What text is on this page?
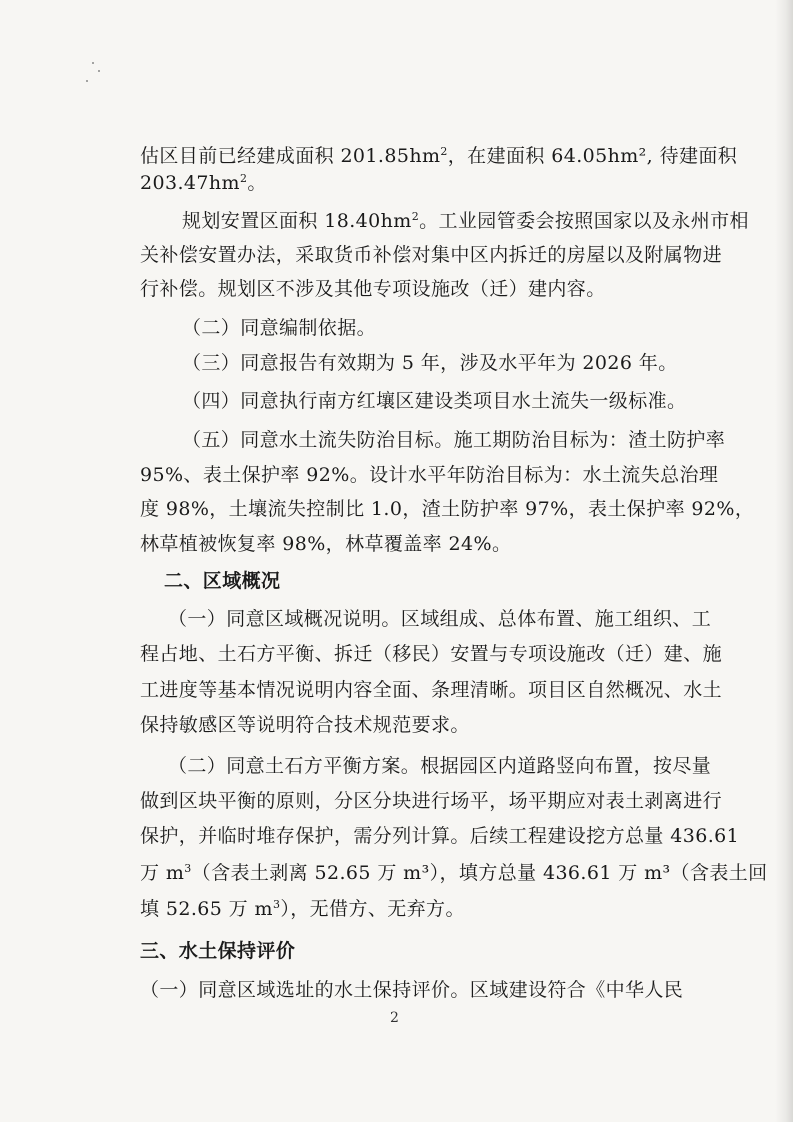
估区目前已经建成面积 $201.85hm^2$，在建面积 64.05hm², 待建面积
$203.47hm^2$。
规划安置区面积 $18.40hm^2$。工业园管委会按照国家以及永州市相
关补偿安置办法，采取货币补偿对集中区内拆迁的房屋以及附属物进
行补偿。规划区不涉及其他专项设施改（迁）建内容。
（二）同意编制依据。
（三）同意报告有效期为 5 年，涉及水平年为 2026 年。
（四）同意执行南方红壤区建设类项目水土流失一级标准。
（五）同意水土流失防治目标。施工期防治目标为：渣土防护率
95%、表土保护率 92%。设计水平年防治目标为：水土流失总治理
度 98%，土壤流失控制比 1.0，渣土防护率 97%，表土保护率 92%，
林草植被恢复率 98%，林草覆盖率 24%。
二、区域概况
（一）同意区域概况说明。区域组成、总体布置、施工组织、工
程占地、土石方平衡、拆迁（移民）安置与专项设施改（迁）建、施
工进度等基本情况说明内容全面、条理清晰。项目区自然概况、水土
保持敏感区等说明符合技术规范要求。
（二）同意土石方平衡方案。根据园区内道路竖向布置，按尽量
做到区块平衡的原则，分区分块进行场平，场平期应对表土剥离进行
保护，并临时堆存保护，需分列计算。后续工程建设挖方总量 436.61
万 $m^3$（含表土剥离 52.65 万 m³），填方总量 436.61 万 m³（含表土回
填 52.65 万 $m^3$），无借方、无弃方。
三、水土保持评价
（一）同意区域选址的水土保持评价。区域建设符合《中华人民
2
